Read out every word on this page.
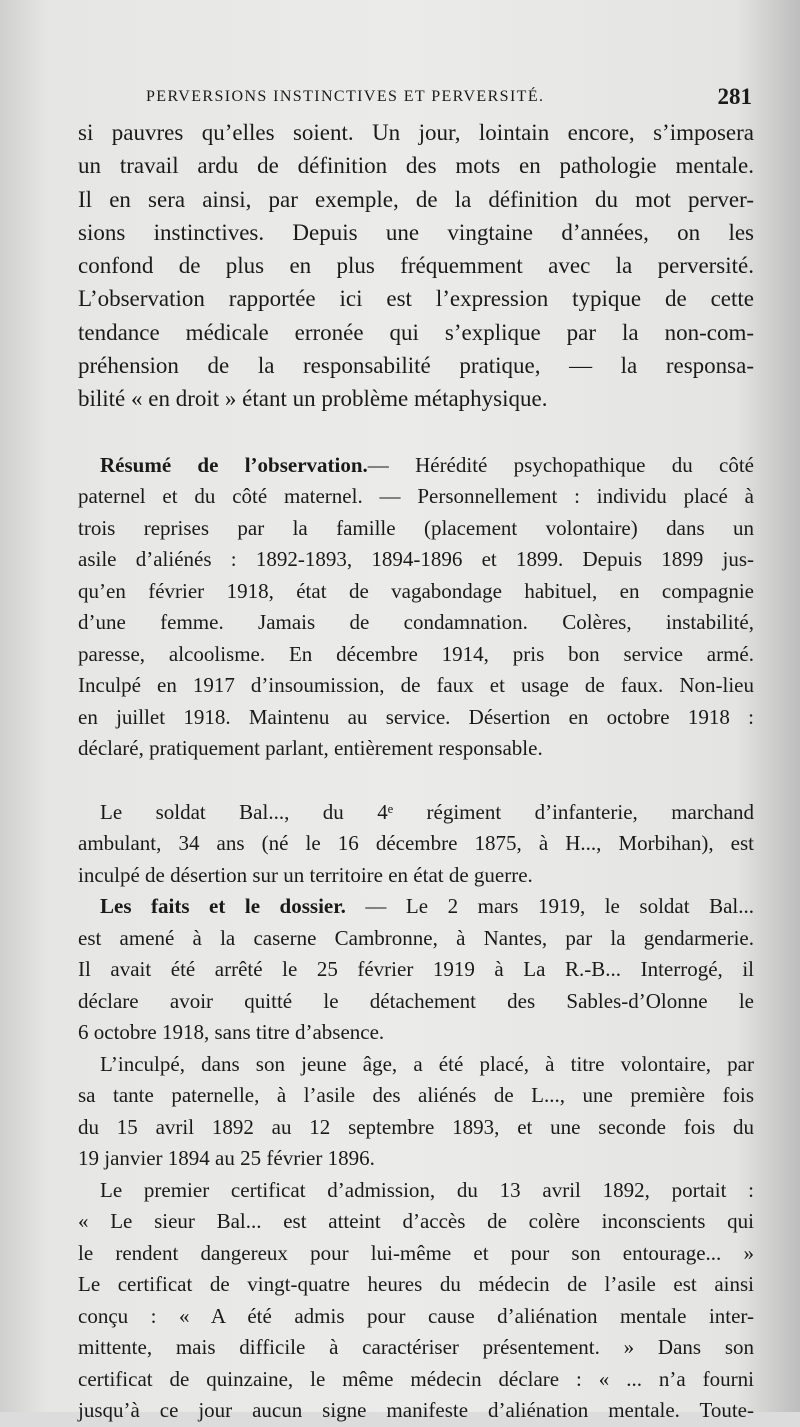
PERVERSIONS INSTINCTIVES ET PERVERSITÉ.	281

si pauvres qu’elles soient. Un jour, lointain encore, s’imposera
un travail ardu de définition des mots en pathologie mentale.
Il en sera ainsi, par exemple, de la définition du mot perver-
sions instinctives. Depuis une vingtaine d’années, on les
confond de plus en plus fréquemment avec la perversité.
L’observation rapportée ici est l’expression typique de cette
tendance médicale erronée qui s’explique par la non-com-
préhension de la responsabilité pratique, — la responsa-
bilité « en droit » étant un problème métaphysique.

Résumé de l’observation.— Hérédité psychopathique du côté
paternel et du côté maternel. — Personnellement : individu placé à
trois reprises par la famille (placement volontaire) dans un
asile d’aliénés : 1892-1893, 1894-1896 et 1899. Depuis 1899 jus-
qu’en février 1918, état de vagabondage habituel, en compagnie
d’une femme. Jamais de condamnation. Colères, instabilité,
paresse, alcoolisme. En décembre 1914, pris bon service armé.
Inculpé en 1917 d’insoumission, de faux et usage de faux. Non-lieu
en juillet 1918. Maintenu au service. Désertion en octobre 1918 :
déclaré, pratiquement parlant, entièrement responsable.

Le soldat Bal..., du 4ᵉ régiment d’infanterie, marchand
ambulant, 34 ans (né le 16 décembre 1875, à H..., Morbihan), est
inculpé de désertion sur un territoire en état de guerre.

Les faits et le dossier. — Le 2 mars 1919, le soldat Bal...
est amené à la caserne Cambronne, à Nantes, par la gendarmerie.
Il avait été arrêté le 25 février 1919 à La R.-B... Interrogé, il
déclare avoir quitté le détachement des Sables-d’Olonne le
6 octobre 1918, sans titre d’absence.

L’inculpé, dans son jeune âge, a été placé, à titre volontaire, par
sa tante paternelle, à l’asile des aliénés de L..., une première fois
du 15 avril 1892 au 12 septembre 1893, et une seconde fois du
19 janvier 1894 au 25 février 1896.

Le premier certificat d’admission, du 13 avril 1892, portait :
« Le sieur Bal... est atteint d’accès de colère inconscients qui
le rendent dangereux pour lui-même et pour son entourage... »
Le certificat de vingt-quatre heures du médecin de l’asile est ainsi
conçu : « A été admis pour cause d’aliénation mentale inter-
mittente, mais difficile à caractériser présentement. » Dans son
certificat de quinzaine, le même médecin déclare : « ... n’a fourni
jusqu’à ce jour aucun signe manifeste d’aliénation mentale. Toute-
